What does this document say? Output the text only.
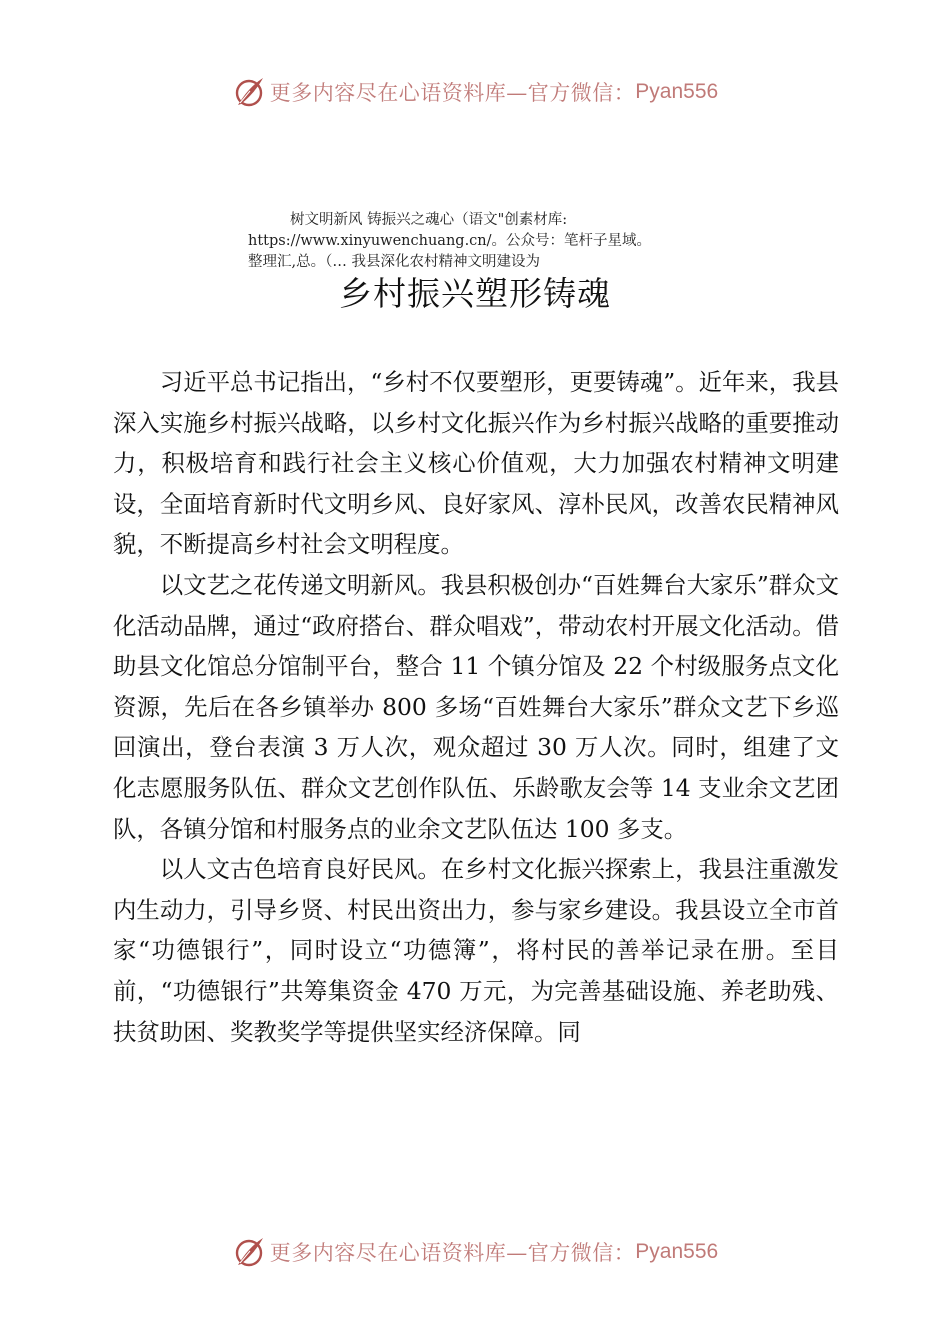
更多内容尽在心语资料库—官方微信： Pyan556
树文明新风 铸振兴之魂心（语文"创素材库:
https://www.xinyuwenchuang.cn/。公众号：笔杆子星域。
整理汇,总。（… 我县深化农村精神文明建设为
乡村振兴塑形铸魂

习近平总书记指出，“乡村不仅要塑形，更要铸魂”。近年来，我县深入实施乡村振兴战略，以乡村文化振兴作为乡村振兴战略的重要推动力，积极培育和践行社会主义核心价值观，大力加强农村精神文明建设，全面培育新时代文明乡风、良好家风、淳朴民风，改善农民精神风貌，不断提高乡村社会文明程度。

以文艺之花传递文明新风。我县积极创办“百姓舞台大家乐”群众文化活动品牌，通过“政府搭台、群众唱戏”，带动农村开展文化活动。借助县文化馆总分馆制平台，整合 11 个镇分馆及 22 个村级服务点文化资源，先后在各乡镇举办 800 多场“百姓舞台大家乐”群众文艺下乡巡回演出，登台表演 3 万人次，观众超过 30 万人次。同时，组建了文化志愿服务队伍、群众文艺创作队伍、乐龄歌友会等 14 支业余文艺团队，各镇分馆和村服务点的业余文艺队伍达 100 多支。

以人文古色培育良好民风。在乡村文化振兴探索上，我县注重激发内生动力，引导乡贤、村民出资出力，参与家乡建设。我县设立全市首家“功德银行”，同时设立“功德簿”，将村民的善举记录在册。至目前，“功德银行”共筹集资金 470 万元，为完善基础设施、养老助残、扶贫助困、奖教奖学等提供坚实经济保障。同

更多内容尽在心语资料库—官方微信： Pyan556
